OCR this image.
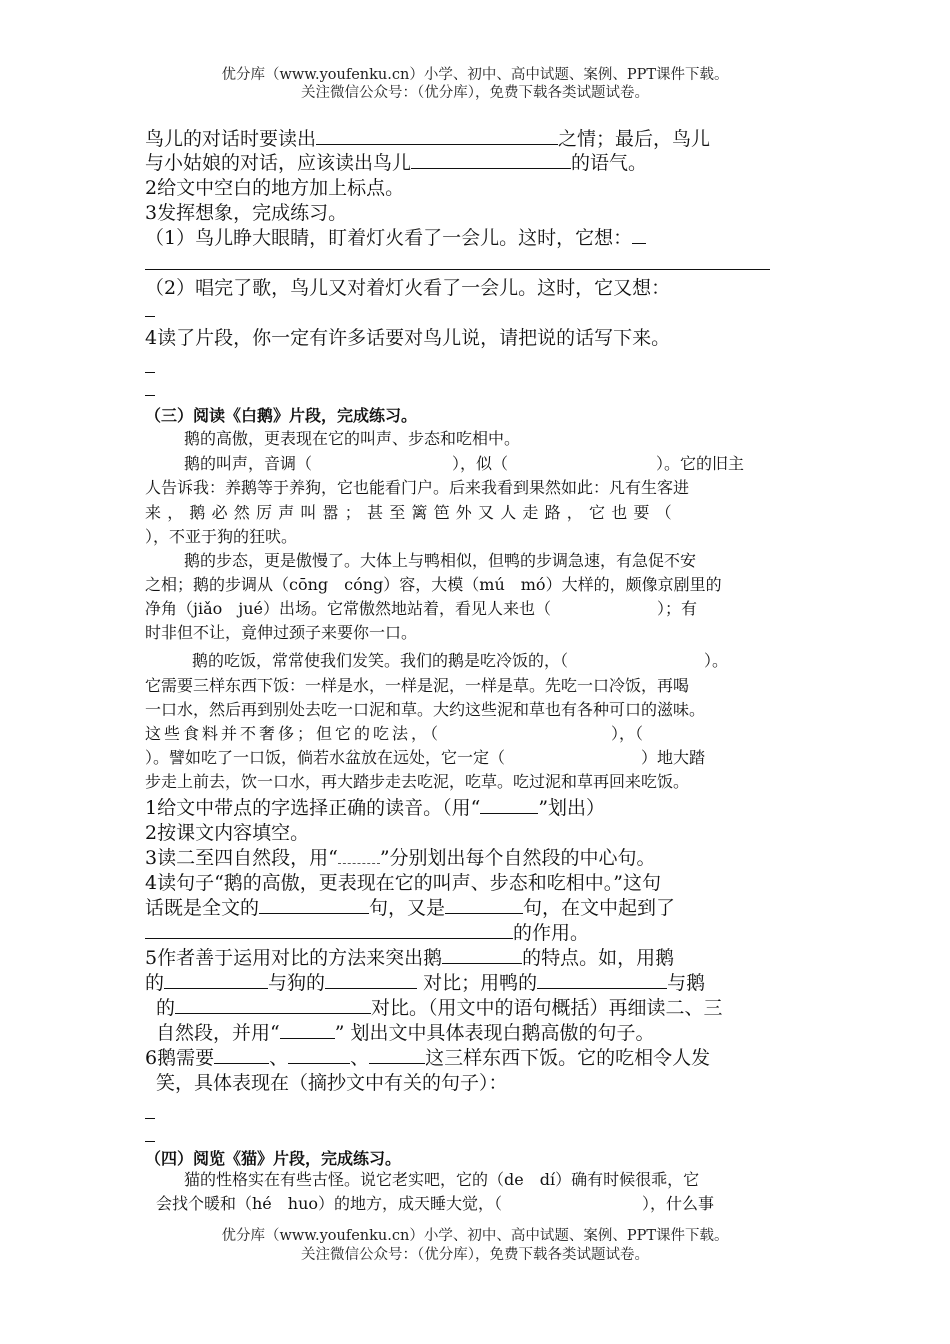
优分库（www.youfenku.cn）小学、初中、高中试题、案例、PPT课件下载。
关注微信公众号：（优分库），免费下载各类试题试卷。
鸟儿的对话时要读出	之情；最后，鸟儿
与小姑娘的对话，应该读出鸟儿	的语气。
2给文中空白的地方加上标点。
3发挥想象，完成练习。
（1）鸟儿睁大眼睛，盯着灯火看了一会儿。这时，它想：
（2）唱完了歌，鸟儿又对着灯火看了一会儿。这时，它又想：
4读了片段，你一定有许多话要对鸟儿说，请把说的话写下来。
（三）阅读《白鹅》片段，完成练习。
鹅的高傲，更表现在它的叫声、步态和吃相中。
鹅的叫声，音调（	），似（	）。它的旧主
人告诉我：养鹅等于养狗，它也能看门户。后来我看到果然如此：凡有生客进
来，鹅必然厉声叫嚣；甚至篱笆外又人走路，它也要（
），不亚于狗的狂吠。
鹅的步态，更是傲慢了。大体上与鸭相似，但鸭的步调急速，有急促不安
之相；鹅的步调从（cōng　cóng）容，大模（mú　mó）大样的，颇像京剧里的
净角（jiǎo　jué）出场。它常傲然地站着，看见人来也（	）；有
时非但不让，竟伸过颈子来要你一口。
鹅的吃饭，常常使我们发笑。我们的鹅是吃冷饭的，（	）。
它需要三样东西下饭：一样是水，一样是泥，一样是草。先吃一口冷饭，再喝
一口水，然后再到别处去吃一口泥和草。大约这些泥和草也有各种可口的滋味。
这些食料并不奢侈；但它的吃法，（	），（
）。譬如吃了一口饭，倘若水盆放在远处，它一定（	）地大踏
步走上前去，饮一口水，再大踏步走去吃泥，吃草。吃过泥和草再回来吃饭。
1给文中带点的字选择正确的读音。（用“	”划出）
2按课文内容填空。
3读二至四自然段，用“ ”分别划出每个自然段的中心句。
4读句子“鹅的高傲，更表现在它的叫声、步态和吃相中。”这句
话既是全文的	句，又是	句，在文中起到了
的作用。
5作者善于运用对比的方法来突出鹅	的特点。如，用鹅
的	与狗的	对比；用鸭的	与鹅
的	对比。（用文中的语句概括）再细读二、三
自然段，并用“	” 划出文中具体表现白鹅高傲的句子。
6鹅需要	、	、	这三样东西下饭。它的吃相令人发
笑，具体表现在（摘抄文中有关的句子）：
（四）阅览《猫》片段，完成练习。
猫的性格实在有些古怪。说它老实吧，它的（de　dí）确有时候很乖，它
会找个暖和（hé　huo）的地方，成天睡大觉，（	），什么事
优分库（www.youfenku.cn）小学、初中、高中试题、案例、PPT课件下载。
关注微信公众号：（优分库），免费下载各类试题试卷。
